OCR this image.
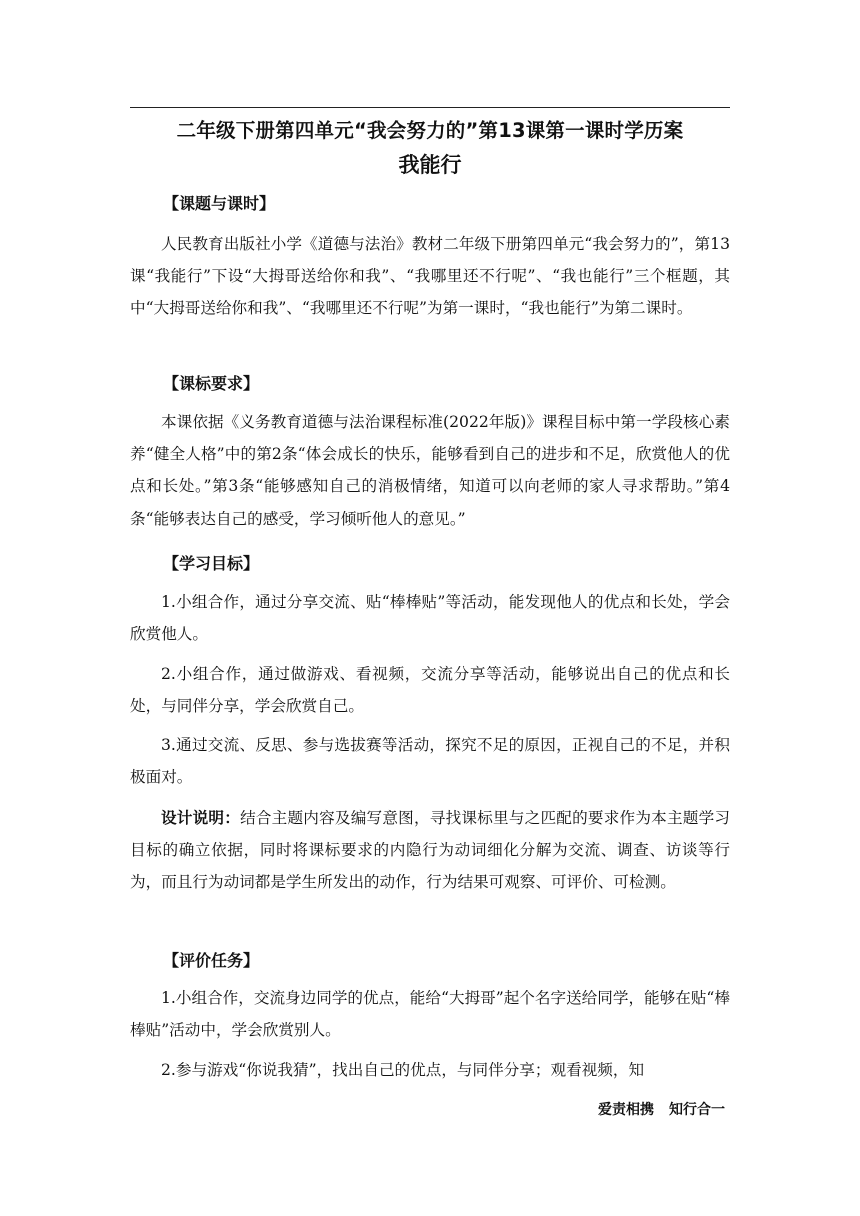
二年级下册第四单元“我会努力的”第13课第一课时学历案
我能行
【课题与课时】
人民教育出版社小学《道德与法治》教材二年级下册第四单元“我会努力的”，第13课“我能行”下设“大拇哥送给你和我”、“我哪里还不行呢”、“我也能行”三个框题，其中“大拇哥送给你和我”、“我哪里还不行呢”为第一课时，“我也能行”为第二课时。
【课标要求】
本课依据《义务教育道德与法治课程标准(2022年版)》课程目标中第一学段核心素养“健全人格”中的第2条“体会成长的快乐，能够看到自己的进步和不足，欣赏他人的优点和长处。”第3条“能够感知自己的消极情绪，知道可以向老师的家人寻求帮助。”第4条“能够表达自己的感受，学习倾听他人的意见。”
【学习目标】
1.小组合作，通过分享交流、贴“棒棒贴”等活动，能发现他人的优点和长处，学会欣赏他人。
2.小组合作，通过做游戏、看视频，交流分享等活动，能够说出自己的优点和长处，与同伴分享，学会欣赏自己。
3.通过交流、反思、参与选拔赛等活动，探究不足的原因，正视自己的不足，并积极面对。
设计说明：结合主题内容及编写意图，寻找课标里与之匹配的要求作为本主题学习目标的确立依据，同时将课标要求的内隐行为动词细化分解为交流、调查、访谈等行为，而且行为动词都是学生所发出的动作，行为结果可观察、可评价、可检测。
【评价任务】
1.小组合作，交流身边同学的优点，能给“大拇哥”起个名字送给同学，能够在贴“棒棒贴”活动中，学会欣赏别人。
2.参与游戏“你说我猜”，找出自己的优点，与同伴分享；观看视频，知
爱责相携 知行合一
